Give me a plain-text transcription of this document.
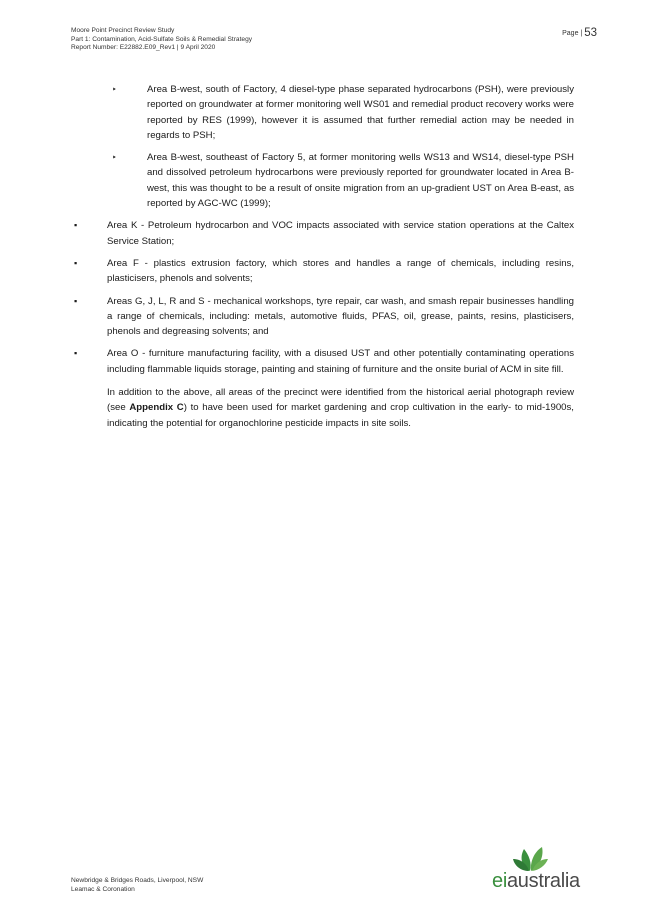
Moore Point Precinct Review Study
Part 1: Contamination, Acid-Sulfate Soils & Remedial Strategy
Report Number: E22882.E09_Rev1 | 9 April 2020
Page | 53
‣	Area B-west, south of Factory, 4 diesel-type phase separated hydrocarbons (PSH), were previously reported on groundwater at former monitoring well WS01 and remedial product recovery works were reported by RES (1999), however it is assumed that further remedial action may be needed in regards to PSH;
‣	Area B-west, southeast of Factory 5, at former monitoring wells WS13 and WS14, diesel-type PSH and dissolved petroleum hydrocarbons were previously reported for groundwater located in Area B-west, this was thought to be a result of onsite migration from an up-gradient UST on Area B-east, as reported by AGC-WC (1999);
▪	Area K - Petroleum hydrocarbon and VOC impacts associated with service station operations at the Caltex Service Station;
▪	Area F - plastics extrusion factory, which stores and handles a range of chemicals, including resins, plasticisers, phenols and solvents;
▪	Areas G, J, L, R and S - mechanical workshops, tyre repair, car wash, and smash repair businesses handling a range of chemicals, including: metals, automotive fluids, PFAS, oil, grease, paints, resins, plasticisers, phenols and degreasing solvents; and
▪	Area O - furniture manufacturing facility, with a disused UST and other potentially contaminating operations including flammable liquids storage, painting and staining of furniture and the onsite burial of ACM in site fill.

In addition to the above, all areas of the precinct were identified from the historical aerial photograph review (see Appendix C) to have been used for market gardening and crop cultivation in the early- to mid-1900s, indicating the potential for organochlorine pesticide impacts in site soils.

Newbridge & Bridges Roads, Liverpool, NSW
Leamac & Coronation	eiaustralia
